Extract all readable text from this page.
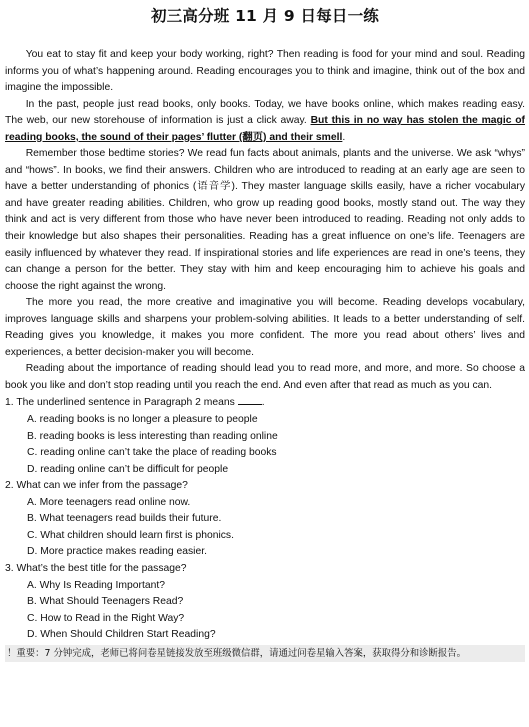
初三高分班 11 月 9 日每日一练

You eat to stay fit and keep your body working, right? Then reading is food for your mind and soul. Reading informs you of what’s happening around. Reading encourages you to think and imagine, think out of the box and imagine the impossible.

In the past, people just read books, only books. Today, we have books online, which makes reading easy. The web, our new storehouse of information is just a click away. But this in no way has stolen the magic of reading books, the sound of their pages’ flutter (翻页) and their smell.

Remember those bedtime stories? We read fun facts about animals, plants and the universe. We ask “whys” and “hows”. In books, we find their answers. Children who are introduced to reading at an early age are seen to have a better understanding of phonics (语音学). They master language skills easily, have a richer vocabulary and have greater reading abilities. Children, who grow up reading good books, mostly stand out. The way they think and act is very different from those who have never been introduced to reading. Reading not only adds to their knowledge but also shapes their personalities. Reading has a great influence on one’s life. Teenagers are easily influenced by whatever they read. If inspirational stories and life experiences are read in one’s teens, they can change a person for the better. They stay with him and keep encouraging him to achieve his goals and choose the right against the wrong.

The more you read, the more creative and imaginative you will become. Reading develops vocabulary, improves language skills and sharpens your problem-solving abilities. It leads to a better understanding of self. Reading gives you knowledge, it makes you more confident. The more you read about others’ lives and experiences, a better decision-maker you will become.

Reading about the importance of reading should lead you to read more, and more, and more. So choose a book you like and don’t stop reading until you reach the end. And even after that read as much as you can.

1. The underlined sentence in Paragraph 2 means .

A. reading books is no longer a pleasure to people

B. reading books is less interesting than reading online

C. reading online can’t take the place of reading books

D. reading online can’t be difficult for people

2. What can we infer from the passage?

A. More teenagers read online now.

B. What teenagers read builds their future.

C. What children should learn first is phonics.

D. More practice makes reading easier.

3. What’s the best title for the passage?

A. Why Is Reading Important?

B. What Should Teenagers Read?

C. How to Read in the Right Way?

D. When Should Children Start Reading?

！重要：7 分钟完成，老师已将问卷星链接发放至班级微信群，请通过问卷星输入答案，获取得分和诊断报告。
